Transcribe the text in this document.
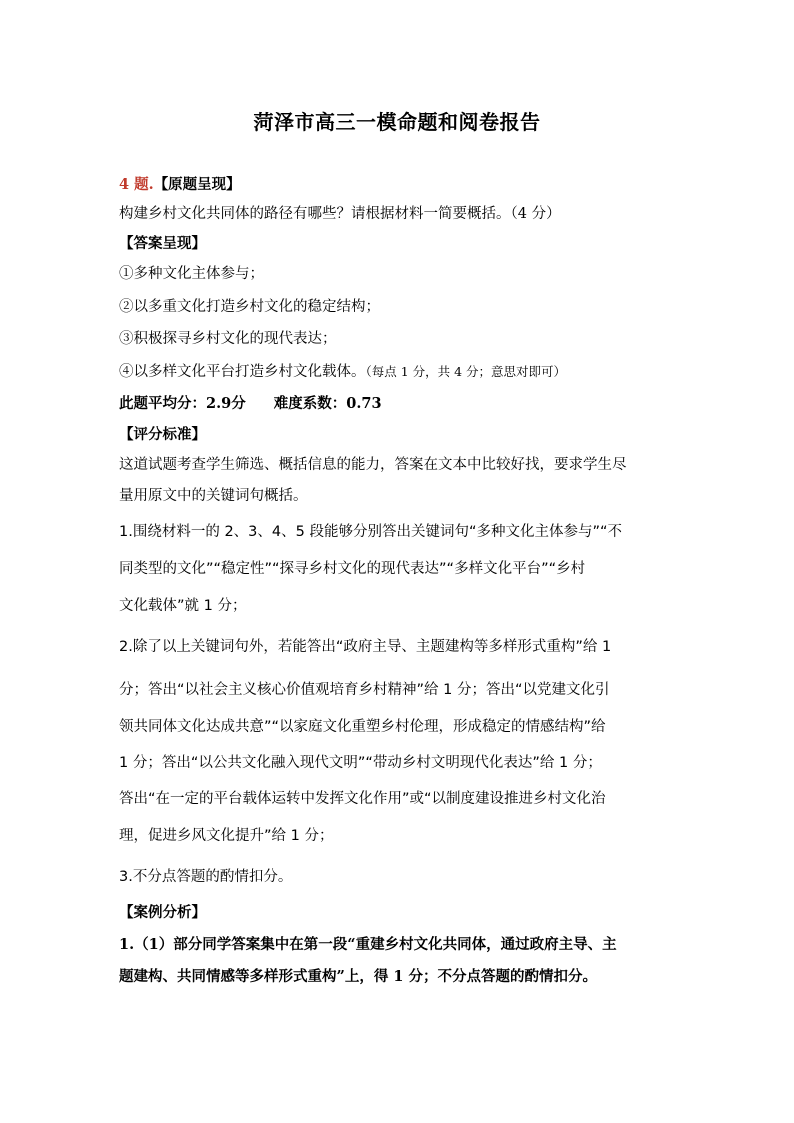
菏泽市高三一模命题和阅卷报告
4 题.【原题呈现】
构建乡村文化共同体的路径有哪些？请根据材料一简要概括。（4 分）
【答案呈现】
①多种文化主体参与；
②以多重文化打造乡村文化的稳定结构；
③积极探寻乡村文化的现代表达；
④以多样文化平台打造乡村文化载体。（每点 1 分，共 4 分；意思对即可）
此题平均分：2.9分 难度系数：0.73
【评分标准】
这道试题考查学生筛选、概括信息的能力，答案在文本中比较好找，要求学生尽
量用原文中的关键词句概括。
1.围绕材料一的 2、3、4、5 段能够分别答出关键词句“多种文化主体参与”“不
同类型的文化”“稳定性”“探寻乡村文化的现代表达”“多样文化平台”“乡村
文化载体”就 1 分；
2.除了以上关键词句外，若能答出“政府主导、主题建构等多样形式重构”给 1
分；答出“以社会主义核心价值观培育乡村精神”给 1 分；答出“以党建文化引
领共同体文化达成共意”“以家庭文化重塑乡村伦理，形成稳定的情感结构”给
1 分；答出“以公共文化融入现代文明”“带动乡村文明现代化表达”给 1 分；
答出“在一定的平台载体运转中发挥文化作用”或“以制度建设推进乡村文化治
理，促进乡风文化提升”给 1 分；
3.不分点答题的酌情扣分。
【案例分析】
1.（1）部分同学答案集中在第一段“重建乡村文化共同体，通过政府主导、主
题建构、共同情感等多样形式重构”上，得 1 分；不分点答题的酌情扣分。
